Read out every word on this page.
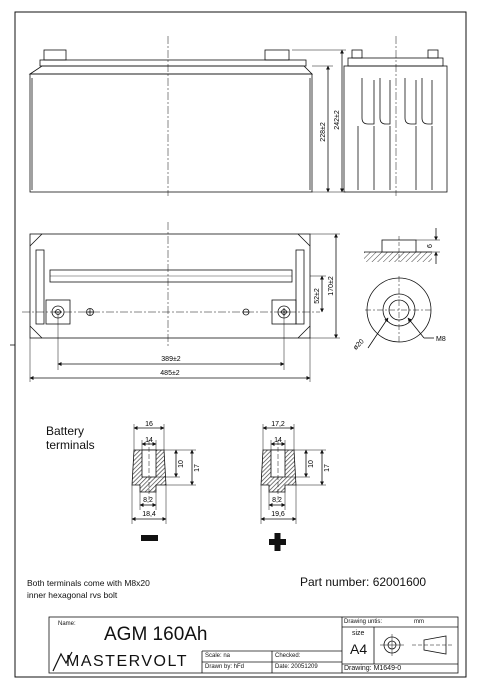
228±2
242±2
170±2
52±2
389±2
485±2
6
ø20	M8
16
14
10
17
8,2
18,4
17,2
14
10
17
8,2
19,6
Battery
terminals
Both terminals come with M8x20
inner hexagonal rvs bolt
Part number: 62001600
Name: AGM 160Ah
MASTERVOLT	Scale: na	Checked:
Drawn by: hFd	Date: 20051209
Drawing untis:	mm
size
A4
Drawing: M1649-0
